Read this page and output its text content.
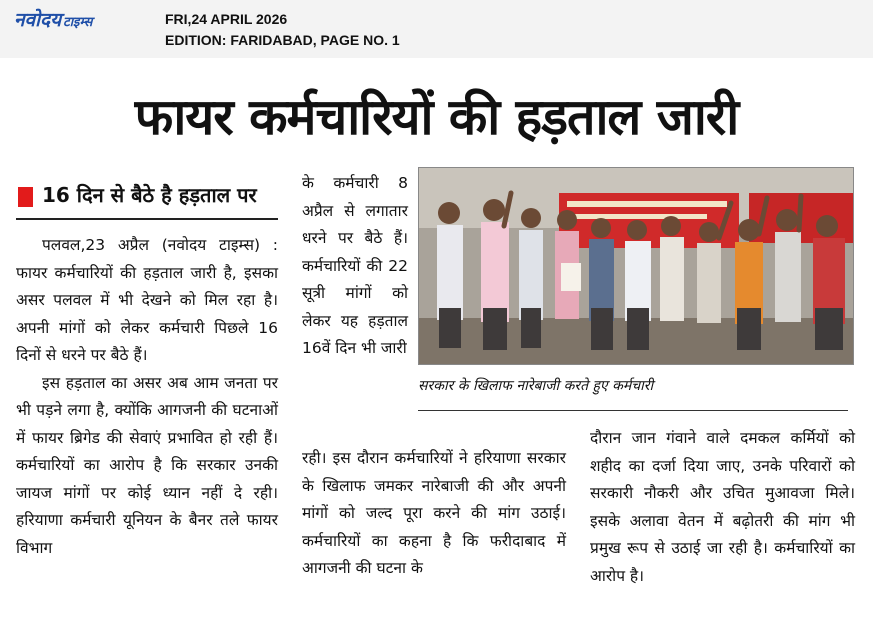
नवोदय टाइम्स	FRI,24 APRIL 2026
EDITION: FARIDABAD, PAGE NO. 1
फायर कर्मचारियों की हड़ताल जारी
16 दिन से बैठे है हड़ताल पर

पलवल,23 अप्रैल (नवोदय टाइम्स) : फायर कर्मचारियों की हड़ताल जारी है, इसका असर पलवल में भी देखने को मिल रहा है। अपनी मांगों को लेकर कर्मचारी पिछले 16 दिनों से धरने पर बैठे हैं।

इस हड़ताल का असर अब आम जनता पर भी पड़ने लगा है, क्योंकि आगजनी की घटनाओं में फायर ब्रिगेड की सेवाएं प्रभावित हो रही हैं। कर्मचारियों का आरोप है कि सरकार उनकी जायज मांगों पर कोई ध्यान नहीं दे रही। हरियाणा कर्मचारी यूनियन के बैनर तले फायर विभाग

के कर्मचारी 8 अप्रैल से लगातार धरने पर बैठे हैं। कर्मचारियों की 22 सूत्री मांगों को लेकर यह हड़ताल 16वें दिन भी जारी

सरकार के खिलाफ नारेबाजी करते हुए कर्मचारी

रही। इस दौरान कर्मचारियों ने हरियाणा सरकार के खिलाफ जमकर नारेबाजी की और अपनी मांगों को जल्द पूरा करने की मांग उठाई। कर्मचारियों का कहना है कि फरीदाबाद में आगजनी की घटना के

दौरान जान गंवाने वाले दमकल कर्मियों को शहीद का दर्जा दिया जाए, उनके परिवारों को सरकारी नौकरी और उचित मुआवजा मिले। इसके अलावा वेतन में बढ़ोतरी की मांग भी प्रमुख रूप से उठाई जा रही है। कर्मचारियों का आरोप है।
